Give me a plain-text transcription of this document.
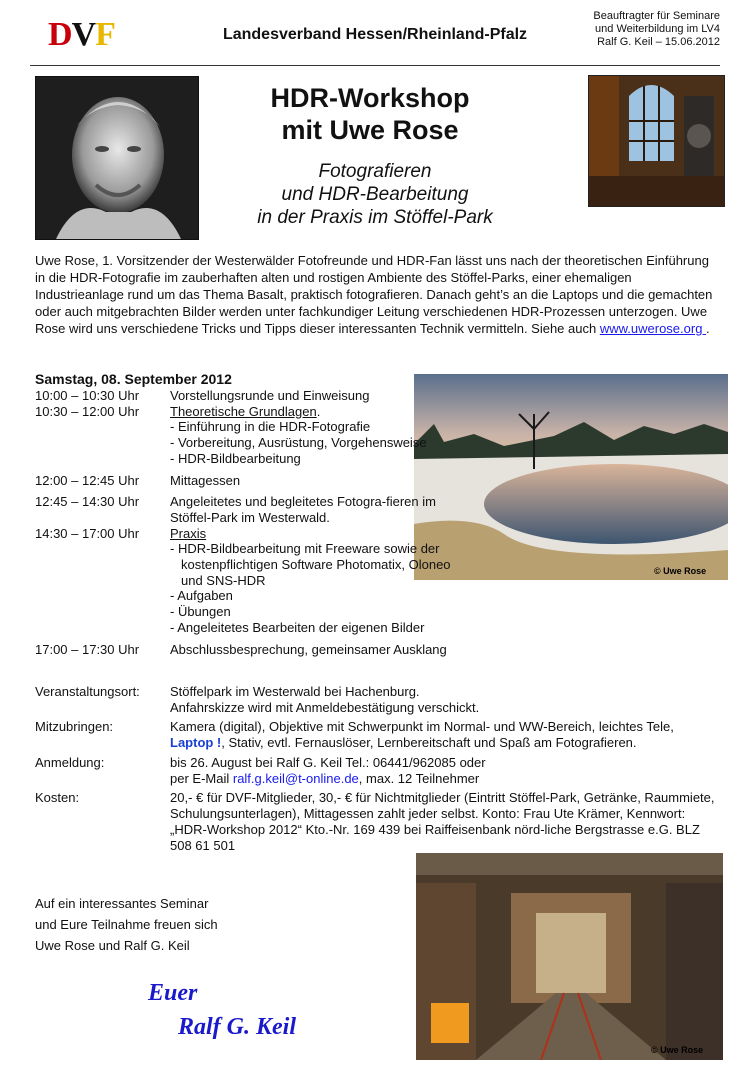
DVF	Landesverband Hessen/Rheinland-Pfalz
Beauftragter für Seminare
und Weiterbildung im LV4
Ralf G. Keil – 15.06.2012
HDR-Workshop
mit Uwe Rose
Fotografieren
und HDR-Bearbeitung
in der Praxis im Stöffel-Park
Uwe Rose, 1. Vorsitzender der Westerwälder Fotofreunde und HDR-Fan lässt uns nach der theoretischen Einführung in die HDR-Fotografie im zauberhaften alten und rostigen Ambiente des Stöffel-Parks, einer ehemaligen Industrieanlage rund um das Thema Basalt, praktisch fotografieren. Danach geht’s an die Laptops und die gemachten oder auch mitgebrachten Bilder werden unter fachkundiger Leitung verschiedenen HDR-Prozessen unterzogen. Uwe Rose wird uns verschiedene Tricks und Tipps dieser interessanten Technik vermitteln. Siehe auch www.uwerose.org .
Samstag, 08. September 2012
© Uwe Rose
10:00 – 10:30 Uhr	Vorstellungsrunde und Einweisung
10:30 – 12:00 Uhr	Theoretische Grundlagen.
- Einführung in die HDR-Fotografie
- Vorbereitung, Ausrüstung, Vorgehensweise
- HDR-Bildbearbeitung
12:00 – 12:45 Uhr	Mittagessen
12:45 – 14:30 Uhr	Angeleitetes und begleitetes Fotogra-fieren im Stöffel-Park im Westerwald.
14:30 – 17:00 Uhr	Praxis
- HDR-Bildbearbeitung mit Freeware sowie der kostenpflichtigen Software Photomatix, Oloneo und SNS-HDR
- Aufgaben
- Übungen
- Angeleitetes Bearbeiten der eigenen Bilder
17:00 – 17:30 Uhr	Abschlussbesprechung, gemeinsamer Ausklang
Veranstaltungsort:	Stöffelpark im Westerwald bei Hachenburg.
Anfahrskizze wird mit Anmeldebestätigung verschickt.
Mitzubringen:	Kamera (digital), Objektive mit Schwerpunkt im Normal- und WW-Bereich, leichtes Tele, Laptop !, Stativ, evtl. Fernauslöser, Lernbereitschaft und Spaß am Fotografieren.
Anmeldung:	bis 26. August bei Ralf G. Keil Tel.: 06441/962085 oder
per E-Mail ralf.g.keil@t-online.de, max. 12 Teilnehmer
Kosten:	20,- € für DVF-Mitglieder, 30,- € für Nichtmitglieder (Eintritt Stöffel-Park, Getränke, Raummiete, Schulungsunterlagen), Mittagessen zahlt jeder selbst. Konto: Frau Ute Krämer, Kennwort: „HDR-Workshop 2012“ Kto.-Nr. 169 439 bei Raiffeisenbank nörd-liche Bergstrasse e.G. BLZ 508 61 501
© Uwe Rose
Auf ein interessantes Seminar
und Eure Teilnahme freuen sich
Uwe Rose und Ralf G. Keil
Euer
Ralf G. Keil
